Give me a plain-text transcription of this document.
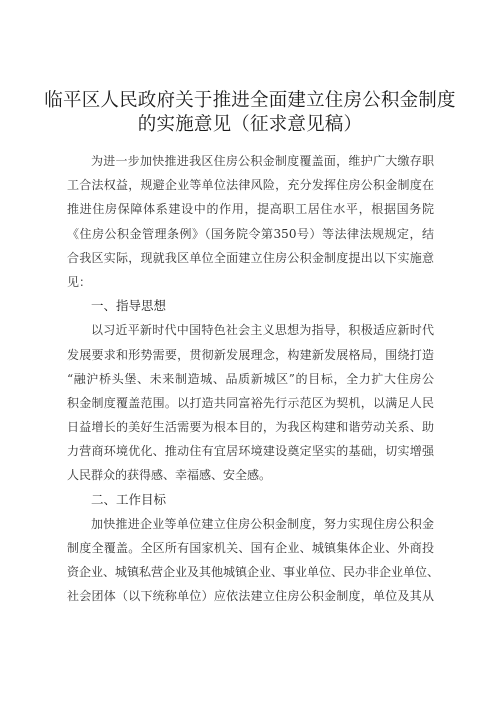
临平区人民政府关于推进全面建立住房公积金制度
的实施意见（征求意见稿）
为进一步加快推进我区住房公积金制度覆盖面，维护广大缴存职
工合法权益，规避企业等单位法律风险，充分发挥住房公积金制度在
推进住房保障体系建设中的作用，提高职工居住水平，根据国务院
《住房公积金管理条例》（国务院令第350号）等法律法规规定，结
合我区实际，现就我区单位全面建立住房公积金制度提出以下实施意
见：
一、指导思想
以习近平新时代中国特色社会主义思想为指导，积极适应新时代
发展要求和形势需要，贯彻新发展理念，构建新发展格局，围绕打造
“融沪桥头堡、未来制造城、品质新城区”的目标，全力扩大住房公
积金制度覆盖范围。以打造共同富裕先行示范区为契机，以满足人民
日益增长的美好生活需要为根本目的，为我区构建和谐劳动关系、助
力营商环境优化、推动住有宜居环境建设奠定坚实的基础，切实增强
人民群众的获得感、幸福感、安全感。
二、工作目标
加快推进企业等单位建立住房公积金制度，努力实现住房公积金
制度全覆盖。全区所有国家机关、国有企业、城镇集体企业、外商投
资企业、城镇私营企业及其他城镇企业、事业单位、民办非企业单位、
社会团体（以下统称单位）应依法建立住房公积金制度，单位及其从
